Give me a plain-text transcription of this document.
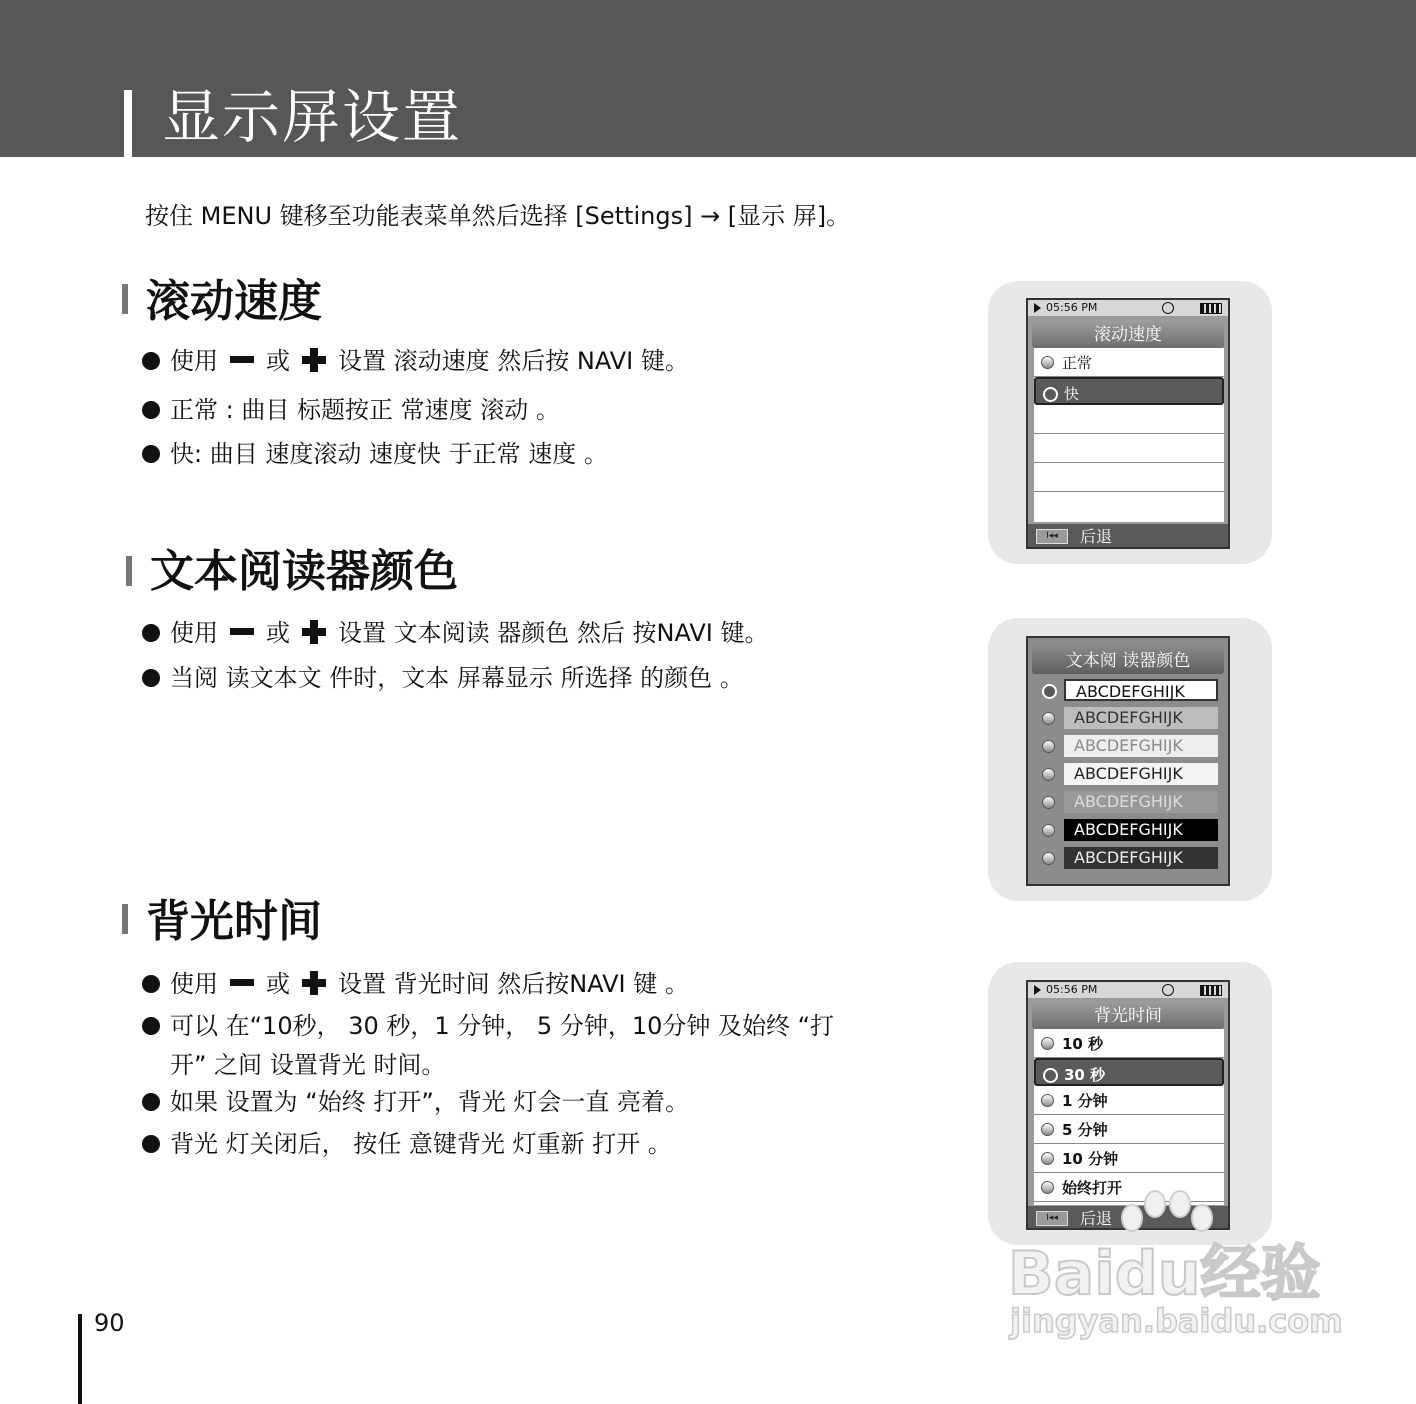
显示屏设置
按住 MENU 键移至功能表菜单然后选择 [Settings] → [显示 屏]。
滚动速度
使用 或 设置 滚动速度 然后按 NAVI 键。
正常 : 曲目 标题按正 常速度 滚动 。
快: 曲目 速度滚动 速度快 于正常 速度 。
文本阅读器颜色
使用 或 设置 文本阅读 器颜色 然后 按NAVI 键。
当阅 读文本文 件时，文本 屏幕显示 所选择 的颜色 。
背光时间
使用 或 设置 背光时间 然后按NAVI 键 。
可以 在“10秒， 30 秒，1 分钟， 5 分钟，10分钟 及始终 “打
开” 之间 设置背光 时间。
如果 设置为 “始终 打开”，背光 灯会一直 亮着。
背光 灯关闭后， 按任 意键背光 灯重新 打开 。
05:56 PM
滚动速度
正常
快
I◂◂	后退
文本阅 读器颜色
ABCDEFGHIJK
ABCDEFGHIJK
ABCDEFGHIJK
ABCDEFGHIJK
ABCDEFGHIJK
ABCDEFGHIJK
ABCDEFGHIJK
05:56 PM
背光时间
10 秒
30 秒
1 分钟
5 分钟
10 分钟
始终打开
I◂◂	后退
90
Baidu经验
jingyan.baidu.com
